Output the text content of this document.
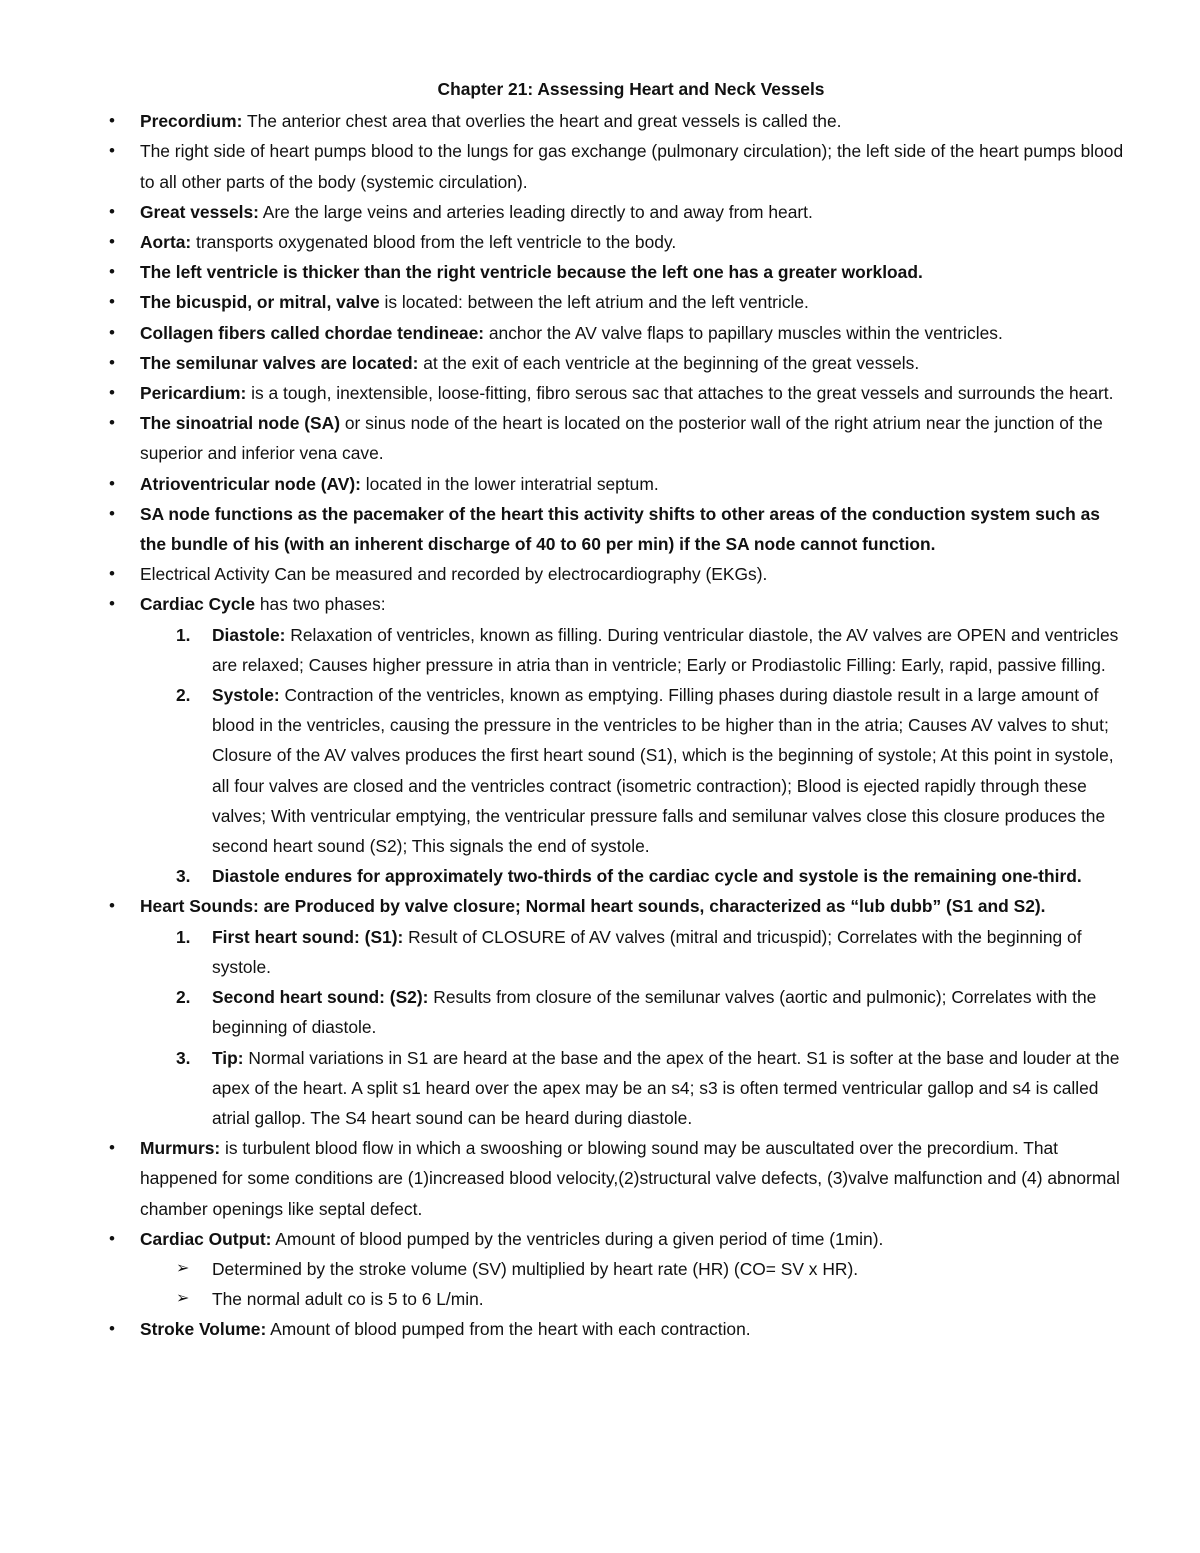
Chapter 21: Assessing Heart and Neck Vessels
• Precordium: The anterior chest area that overlies the heart and great vessels is called the.
• The right side of heart pumps blood to the lungs for gas exchange (pulmonary circulation); the left side of the heart pumps blood to all other parts of the body (systemic circulation).
• Great vessels: Are the large veins and arteries leading directly to and away from heart.
• Aorta: transports oxygenated blood from the left ventricle to the body.
• The left ventricle is thicker than the right ventricle because the left one has a greater workload.
• The bicuspid, or mitral, valve is located: between the left atrium and the left ventricle.
• Collagen fibers called chordae tendineae: anchor the AV valve flaps to papillary muscles within the ventricles.
• The semilunar valves are located: at the exit of each ventricle at the beginning of the great vessels.
• Pericardium: is a tough, inextensible, loose-fitting, fibro serous sac that attaches to the great vessels and surrounds the heart.
• The sinoatrial node (SA) or sinus node of the heart is located on the posterior wall of the right atrium near the junction of the superior and inferior vena cave.
• Atrioventricular node (AV): located in the lower interatrial septum.
• SA node functions as the pacemaker of the heart this activity shifts to other areas of the conduction system such as the bundle of his (with an inherent discharge of 40 to 60 per min) if the SA node cannot function.
• Electrical Activity Can be measured and recorded by electrocardiography (EKGs).
• Cardiac Cycle has two phases:
1.	Diastole: Relaxation of ventricles, known as filling. During ventricular diastole, the AV valves are OPEN and ventricles are relaxed; Causes higher pressure in atria than in ventricle; Early or Prodiastolic Filling: Early, rapid, passive filling.
2.	Systole: Contraction of the ventricles, known as emptying. Filling phases during diastole result in a large amount of blood in the ventricles, causing the pressure in the ventricles to be higher than in the atria; Causes AV valves to shut; Closure of the AV valves produces the first heart sound (S1), which is the beginning of systole; At this point in systole, all four valves are closed and the ventricles contract (isometric contraction); Blood is ejected rapidly through these valves; With ventricular emptying, the ventricular pressure falls and semilunar valves close this closure produces the second heart sound (S2); This signals the end of systole.
3.	Diastole endures for approximately two-thirds of the cardiac cycle and systole is the remaining one-third.
• Heart Sounds: are Produced by valve closure; Normal heart sounds, characterized as “lub dubb” (S1 and S2).
1.	First heart sound: (S1): Result of CLOSURE of AV valves (mitral and tricuspid); Correlates with the beginning of systole.
2.	Second heart sound: (S2): Results from closure of the semilunar valves (aortic and pulmonic); Correlates with the beginning of diastole.
3.	Tip: Normal variations in S1 are heard at the base and the apex of the heart. S1 is softer at the base and louder at the apex of the heart. A split s1 heard over the apex may be an s4; s3 is often termed ventricular gallop and s4 is called atrial gallop. The S4 heart sound can be heard during diastole.
• Murmurs: is turbulent blood flow in which a swooshing or blowing sound may be auscultated over the precordium. That happened for some conditions are (1)increased blood velocity,(2)structural valve defects, (3)valve malfunction and (4) abnormal chamber openings like septal defect.
• Cardiac Output: Amount of blood pumped by the ventricles during a given period of time (1min).
➢	Determined by the stroke volume (SV) multiplied by heart rate (HR) (CO= SV x HR).
➢	The normal adult co is 5 to 6 L/min.
• Stroke Volume: Amount of blood pumped from the heart with each contraction.
